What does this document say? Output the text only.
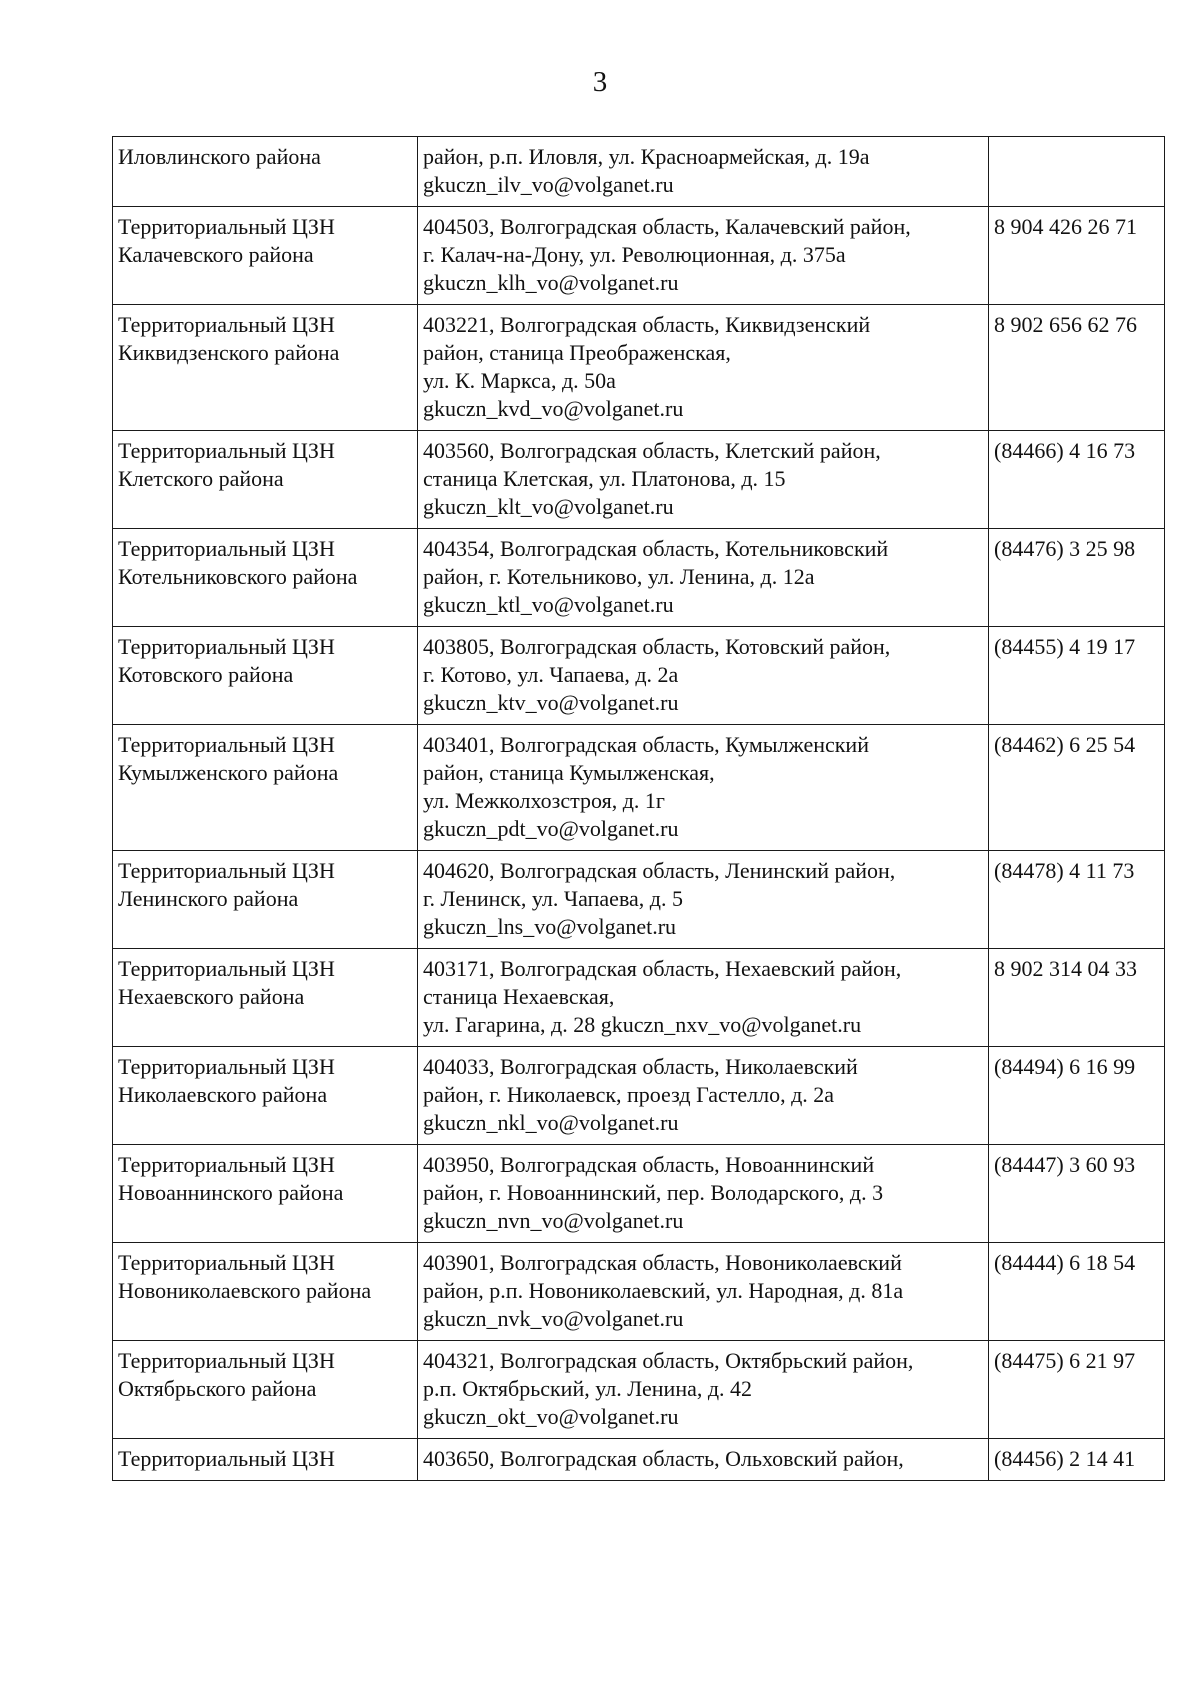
3
Иловлинского района	район, р.п. Иловля, ул. Красноармейская, д. 19а
gkuczn_ilv_vo@volganet.ru	

Территориальный ЦЗН
Калачевского района	404503, Волгоградская область, Калачевский район,
г. Калач-на-Дону, ул. Революционная, д. 375а
gkuczn_klh_vo@volganet.ru	8 904 426 26 71

Территориальный ЦЗН
Киквидзенского района	403221, Волгоградская область, Киквидзенский
район, станица Преображенская,
ул. К. Маркса, д. 50а
gkuczn_kvd_vo@volganet.ru	8 902 656 62 76

Территориальный ЦЗН
Клетского района	403560, Волгоградская область, Клетский район,
станица Клетская, ул. Платонова, д. 15
gkuczn_klt_vo@volganet.ru	(84466) 4 16 73

Территориальный ЦЗН
Котельниковского района	404354, Волгоградская область, Котельниковский
район, г. Котельниково, ул. Ленина, д. 12а
gkuczn_ktl_vo@volganet.ru	(84476) 3 25 98

Территориальный ЦЗН
Котовского района	403805, Волгоградская область, Котовский район,
г. Котово, ул. Чапаева, д. 2а
gkuczn_ktv_vo@volganet.ru	(84455) 4 19 17

Территориальный ЦЗН
Кумылженского района	403401, Волгоградская область, Кумылженский
район, станица Кумылженская,
ул. Межколхозстроя, д. 1г
gkuczn_pdt_vo@volganet.ru	(84462) 6 25 54

Территориальный ЦЗН
Ленинского района	404620, Волгоградская область, Ленинский район,
г. Ленинск, ул. Чапаева, д. 5
gkuczn_lns_vo@volganet.ru	(84478) 4 11 73

Территориальный ЦЗН
Нехаевского района	403171, Волгоградская область, Нехаевский район,
станица Нехаевская,
ул. Гагарина, д. 28 gkuczn_nxv_vo@volganet.ru	8 902 314 04 33

Территориальный ЦЗН
Николаевского района	404033, Волгоградская область, Николаевский
район, г. Николаевск, проезд Гастелло, д. 2а
gkuczn_nkl_vo@volganet.ru	(84494) 6 16 99

Территориальный ЦЗН
Новоаннинского района	403950, Волгоградская область, Новоаннинский
район, г. Новоаннинский, пер. Володарского, д. 3
gkuczn_nvn_vo@volganet.ru	(84447) 3 60 93

Территориальный ЦЗН
Новониколаевского района	403901, Волгоградская область, Новониколаевский
район, р.п. Новониколаевский, ул. Народная, д. 81а
gkuczn_nvk_vo@volganet.ru	(84444) 6 18 54

Территориальный ЦЗН
Октябрьского района	404321, Волгоградская область, Октябрьский район,
р.п. Октябрьский, ул. Ленина, д. 42
gkuczn_okt_vo@volganet.ru	(84475) 6 21 97

Территориальный ЦЗН	403650, Волгоградская область, Ольховский район,	(84456) 2 14 41
